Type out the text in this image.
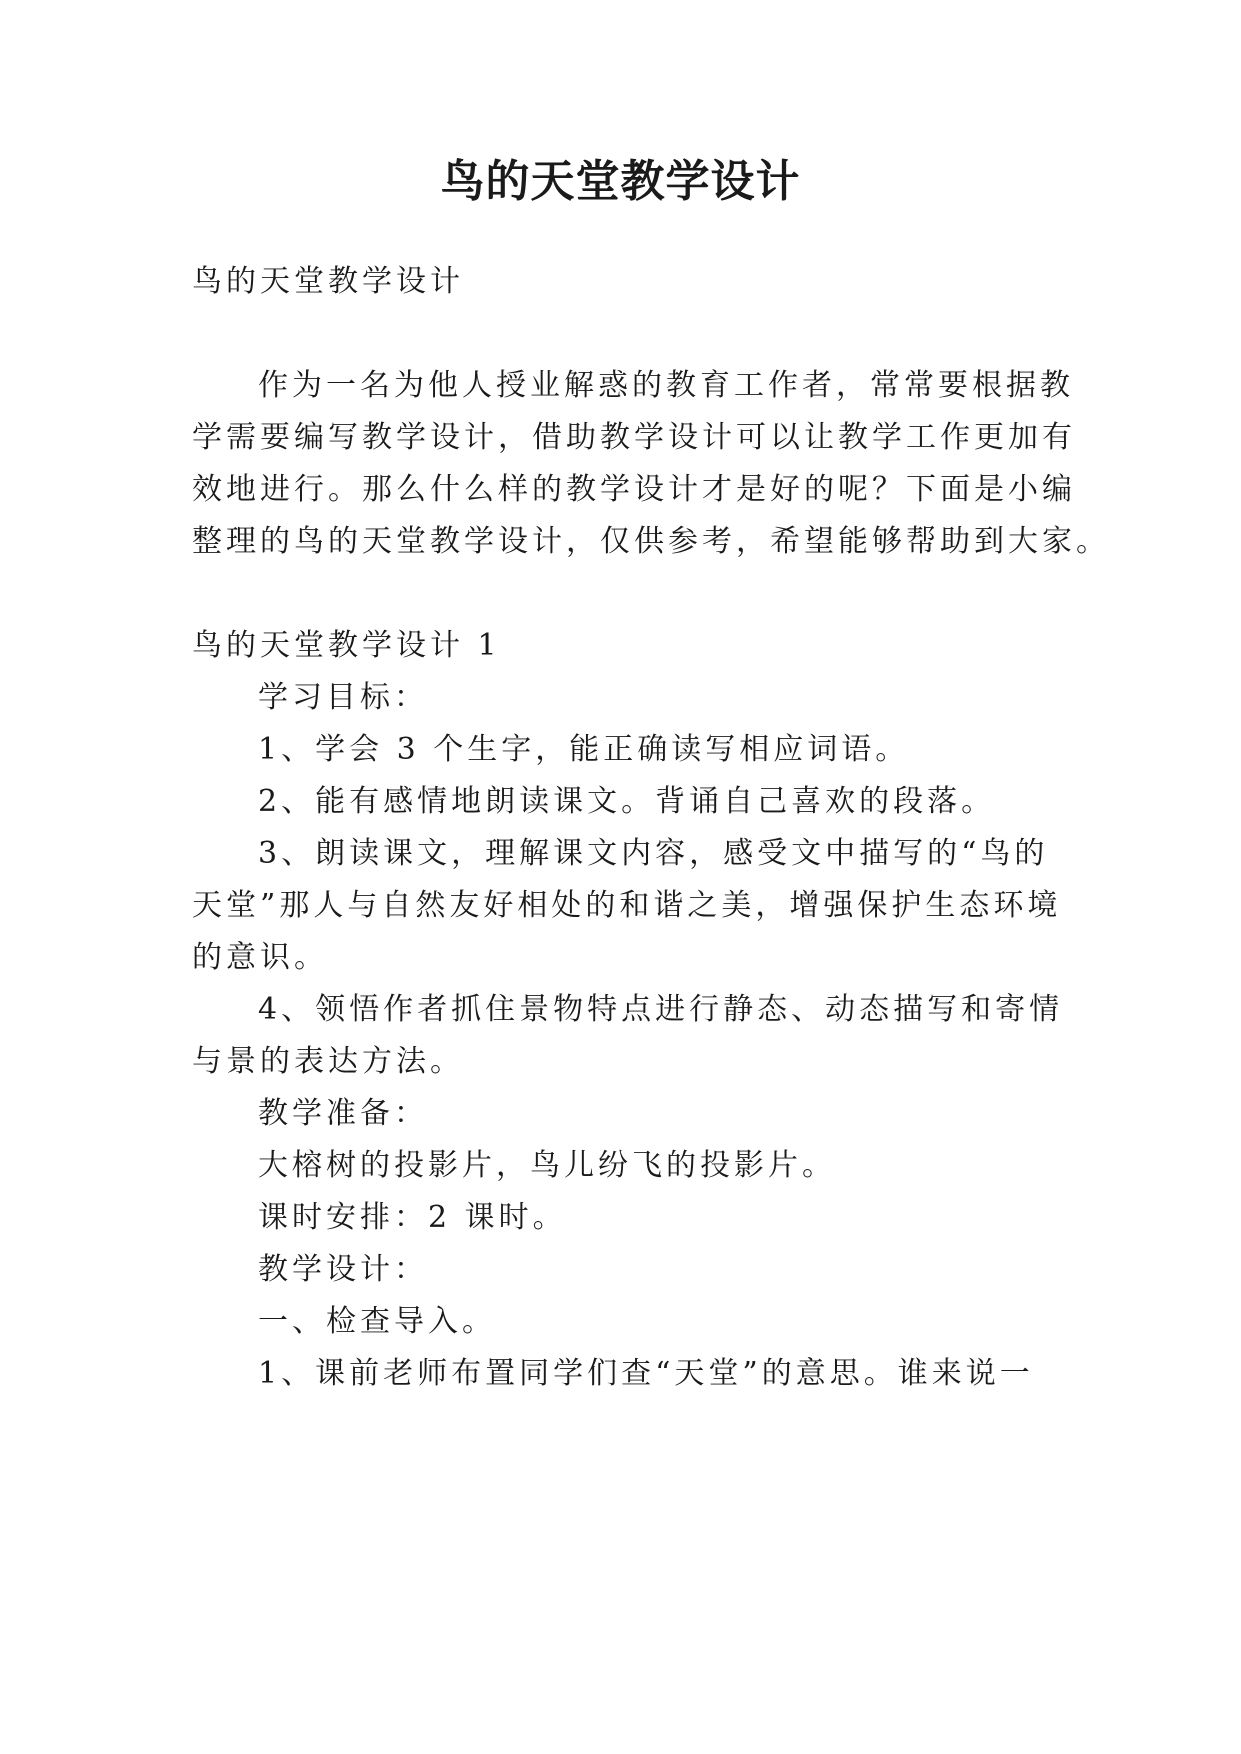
鸟的天堂教学设计
鸟的天堂教学设计
作为一名为他人授业解惑的教育工作者，常常要根据教
学需要编写教学设计，借助教学设计可以让教学工作更加有
效地进行。那么什么样的教学设计才是好的呢？下面是小编
整理的鸟的天堂教学设计，仅供参考，希望能够帮助到大家。
鸟的天堂教学设计 1
学习目标：
1、学会 3 个生字，能正确读写相应词语。
2、能有感情地朗读课文。背诵自己喜欢的段落。
3、朗读课文，理解课文内容，感受文中描写的“鸟的
天堂”那人与自然友好相处的和谐之美，增强保护生态环境
的意识。
4、领悟作者抓住景物特点进行静态、动态描写和寄情
与景的表达方法。
教学准备：
大榕树的投影片，鸟儿纷飞的投影片。
课时安排：2 课时。
教学设计：
一、检查导入。
1、课前老师布置同学们查“天堂”的意思。谁来说一
